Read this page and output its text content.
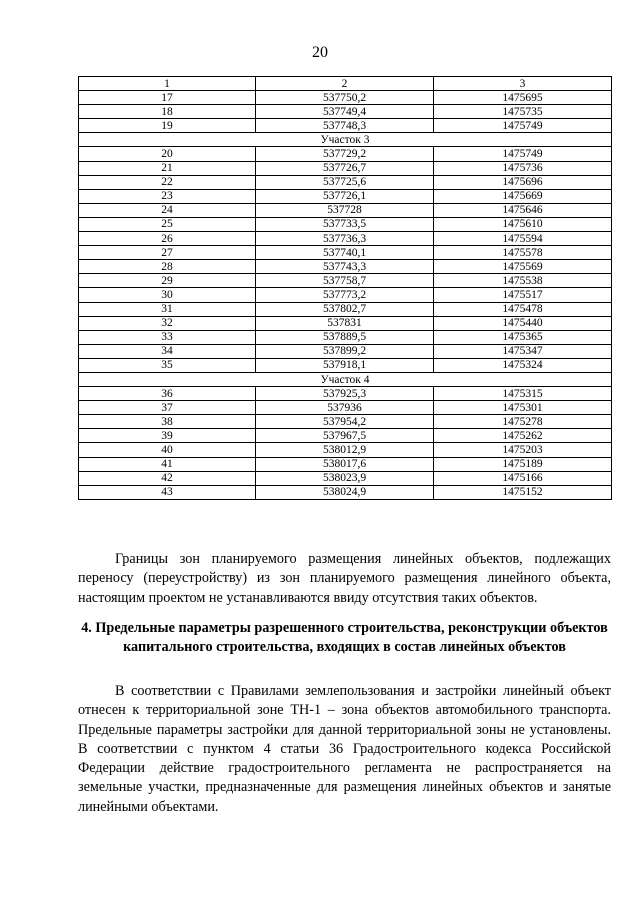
20
1	2	3
17	537750,2	1475695
18	537749,4	1475735
19	537748,3	1475749
Участок 3		
20	537729,2	1475749
21	537726,7	1475736
22	537725,6	1475696
23	537726,1	1475669
24	537728	1475646
25	537733,5	1475610
26	537736,3	1475594
27	537740,1	1475578
28	537743,3	1475569
29	537758,7	1475538
30	537773,2	1475517
31	537802,7	1475478
32	537831	1475440
33	537889,5	1475365
34	537899,2	1475347
35	537918,1	1475324
Участок 4		
36	537925,3	1475315
37	537936	1475301
38	537954,2	1475278
39	537967,5	1475262
40	538012,9	1475203
41	538017,6	1475189
42	538023,9	1475166
43	538024,9	1475152

Границы зон планируемого размещения линейных объектов, подлежащих переносу (переустройству) из зон планируемого размещения линейного объекта, настоящим проектом не устанавливаются ввиду отсутствия таких объектов.

4. Предельные параметры разрешенного строительства, реконструкции объектов капитального строительства, входящих в состав линейных объектов

В соответствии с Правилами землепользования и застройки линейный объект отнесен к территориальной зоне ТН-1 – зона объектов автомобильного транспорта. Предельные параметры застройки для данной территориальной зоны не установлены. В соответствии с пунктом 4 статьи 36 Градостроительного кодекса Российской Федерации действие градостроительного регламента не распространяется на земельные участки, предназначенные для размещения линейных объектов и занятые линейными объектами.
